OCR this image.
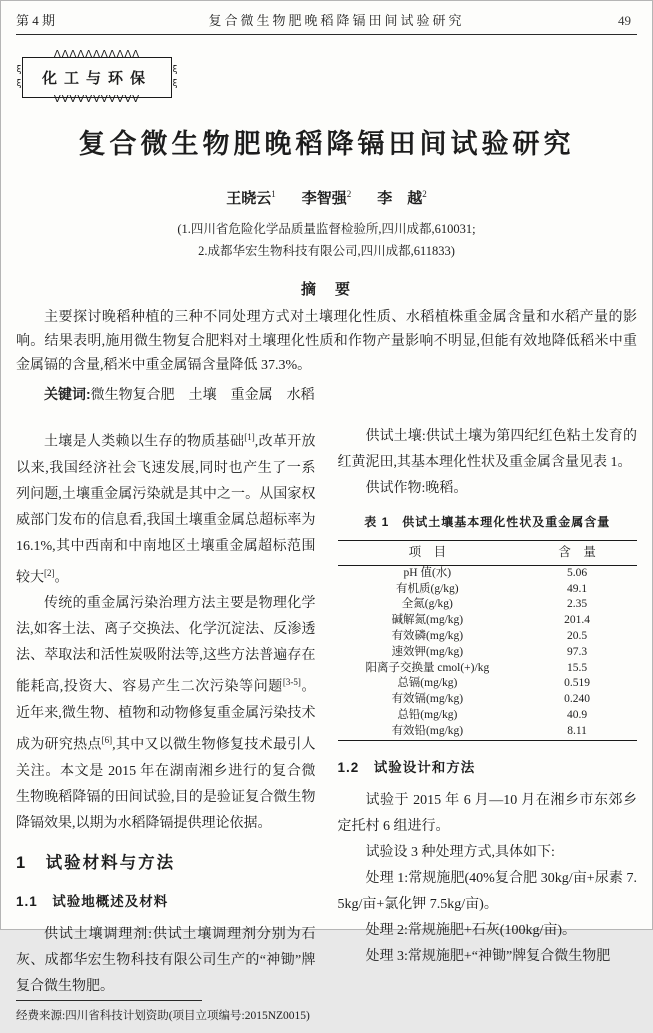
第 4 期	复合微生物肥晚稻降镉田间试验研究	49
ΛΛΛΛΛΛΛΛΛΛΛ
ξ
ξ	化工与环保
ξ
ξ
VVVVVVVVVVV
复合微生物肥晚稻降镉田间试验研究
王晓云$^1$ 李智强$^2$ 李　越$^2$
(1.四川省危险化学品质量监督检验所,四川成都,610031;
2.成都华宏生物科技有限公司,四川成都,611833)
摘　要

主要探讨晚稻种植的三种不同处理方式对土壤理化性质、水稻植株重金属含量和水稻产量的影响。结果表明,施用微生物复合肥料对土壤理化性质和作物产量影响不明显,但能有效地降低稻米中重金属镉的含量,稻米中重金属镉含量降低 37.3%。

关键词:微生物复合肥　土壤　重金属　水稻

土壤是人类赖以生存的物质基础[1],改革开放以来,我国经济社会飞速发展,同时也产生了一系列问题,土壤重金属污染就是其中之一。从国家权威部门发布的信息看,我国土壤重金属总超标率为 16.1%,其中西南和中南地区土壤重金属超标范围较大[2]。

传统的重金属污染治理方法主要是物理化学法,如客土法、离子交换法、化学沉淀法、反渗透法、萃取法和活性炭吸附法等,这些方法普遍存在能耗高,投资大、容易产生二次污染等问题[3-5]。近年来,微生物、植物和动物修复重金属污染技术成为研究热点[6],其中又以微生物修复技术最引人关注。本文是 2015 年在湖南湘乡进行的复合微生物晚稻降镉的田间试验,目的是验证复合微生物降镉效果,以期为水稻降镉提供理论依据。

1　试验材料与方法
1.1　试验地概述及材料

供试土壤调理剂:供试土壤调理剂分别为石灰、成都华宏生物科技有限公司生产的“神锄”牌复合微生物肥。

经费来源:四川省科技计划资助(项目立项编号:2015NZ0015)

供试土壤:供试土壤为第四纪红色粘土发育的红黄泥田,其基本理化性状及重金属含量见表 1。

供试作物:晚稻。

表 1　供试土壤基本理化性状及重金属含量
项　目	含　量
pH 值(水)	5.06
有机质(g/kg)	49.1
全氮(g/kg)	2.35
碱解氮(mg/kg)	201.4
有效磷(mg/kg)	20.5
速效钾(mg/kg)	97.3
阳离子交换量 cmol(+)/kg	15.5
总镉(mg/kg)	0.519
有效镉(mg/kg)	0.240
总铅(mg/kg)	40.9
有效铅(mg/kg)	8.11
1.2　试验设计和方法

试验于 2015 年 6 月—10 月在湘乡市东郊乡定托村 6 组进行。

试验设 3 种处理方式,具体如下:

处理 1:常规施肥(40%复合肥 30kg/亩+尿素 7.5kg/亩+氯化钾 7.5kg/亩)。

处理 2:常规施肥+石灰(100kg/亩)。

处理 3:常规施肥+“神锄”牌复合微生物肥
